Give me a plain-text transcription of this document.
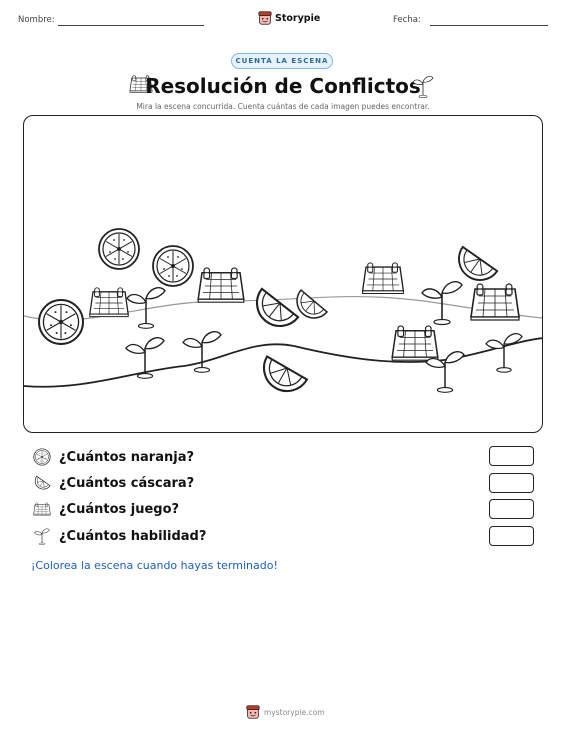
Nombre:	Storypie	Fecha:
CUENTA LA ESCENA
Resolución de Conflictos
Mira la escena concurrida. Cuenta cuántas de cada imagen puedes encontrar.
¿Cuántos naranja?
¿Cuántos cáscara?
¿Cuántos juego?
¿Cuántos habilidad?
¡Colorea la escena cuando hayas terminado!
mystorypie.com
